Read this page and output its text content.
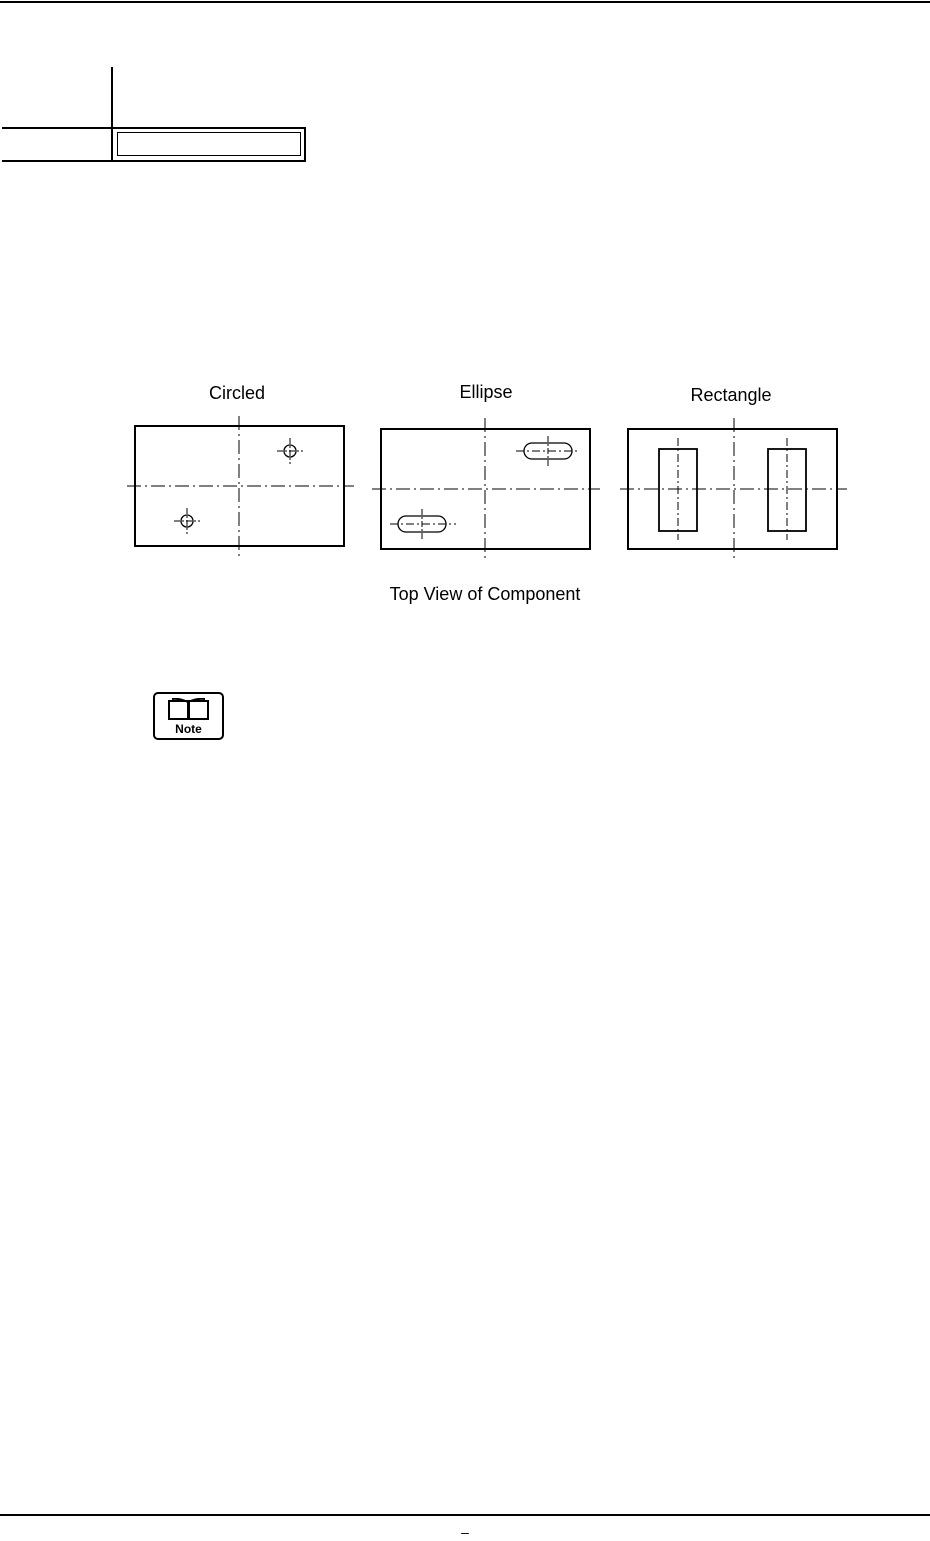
Circled	Ellipse	Rectangle
Top View of Component
Note
–
